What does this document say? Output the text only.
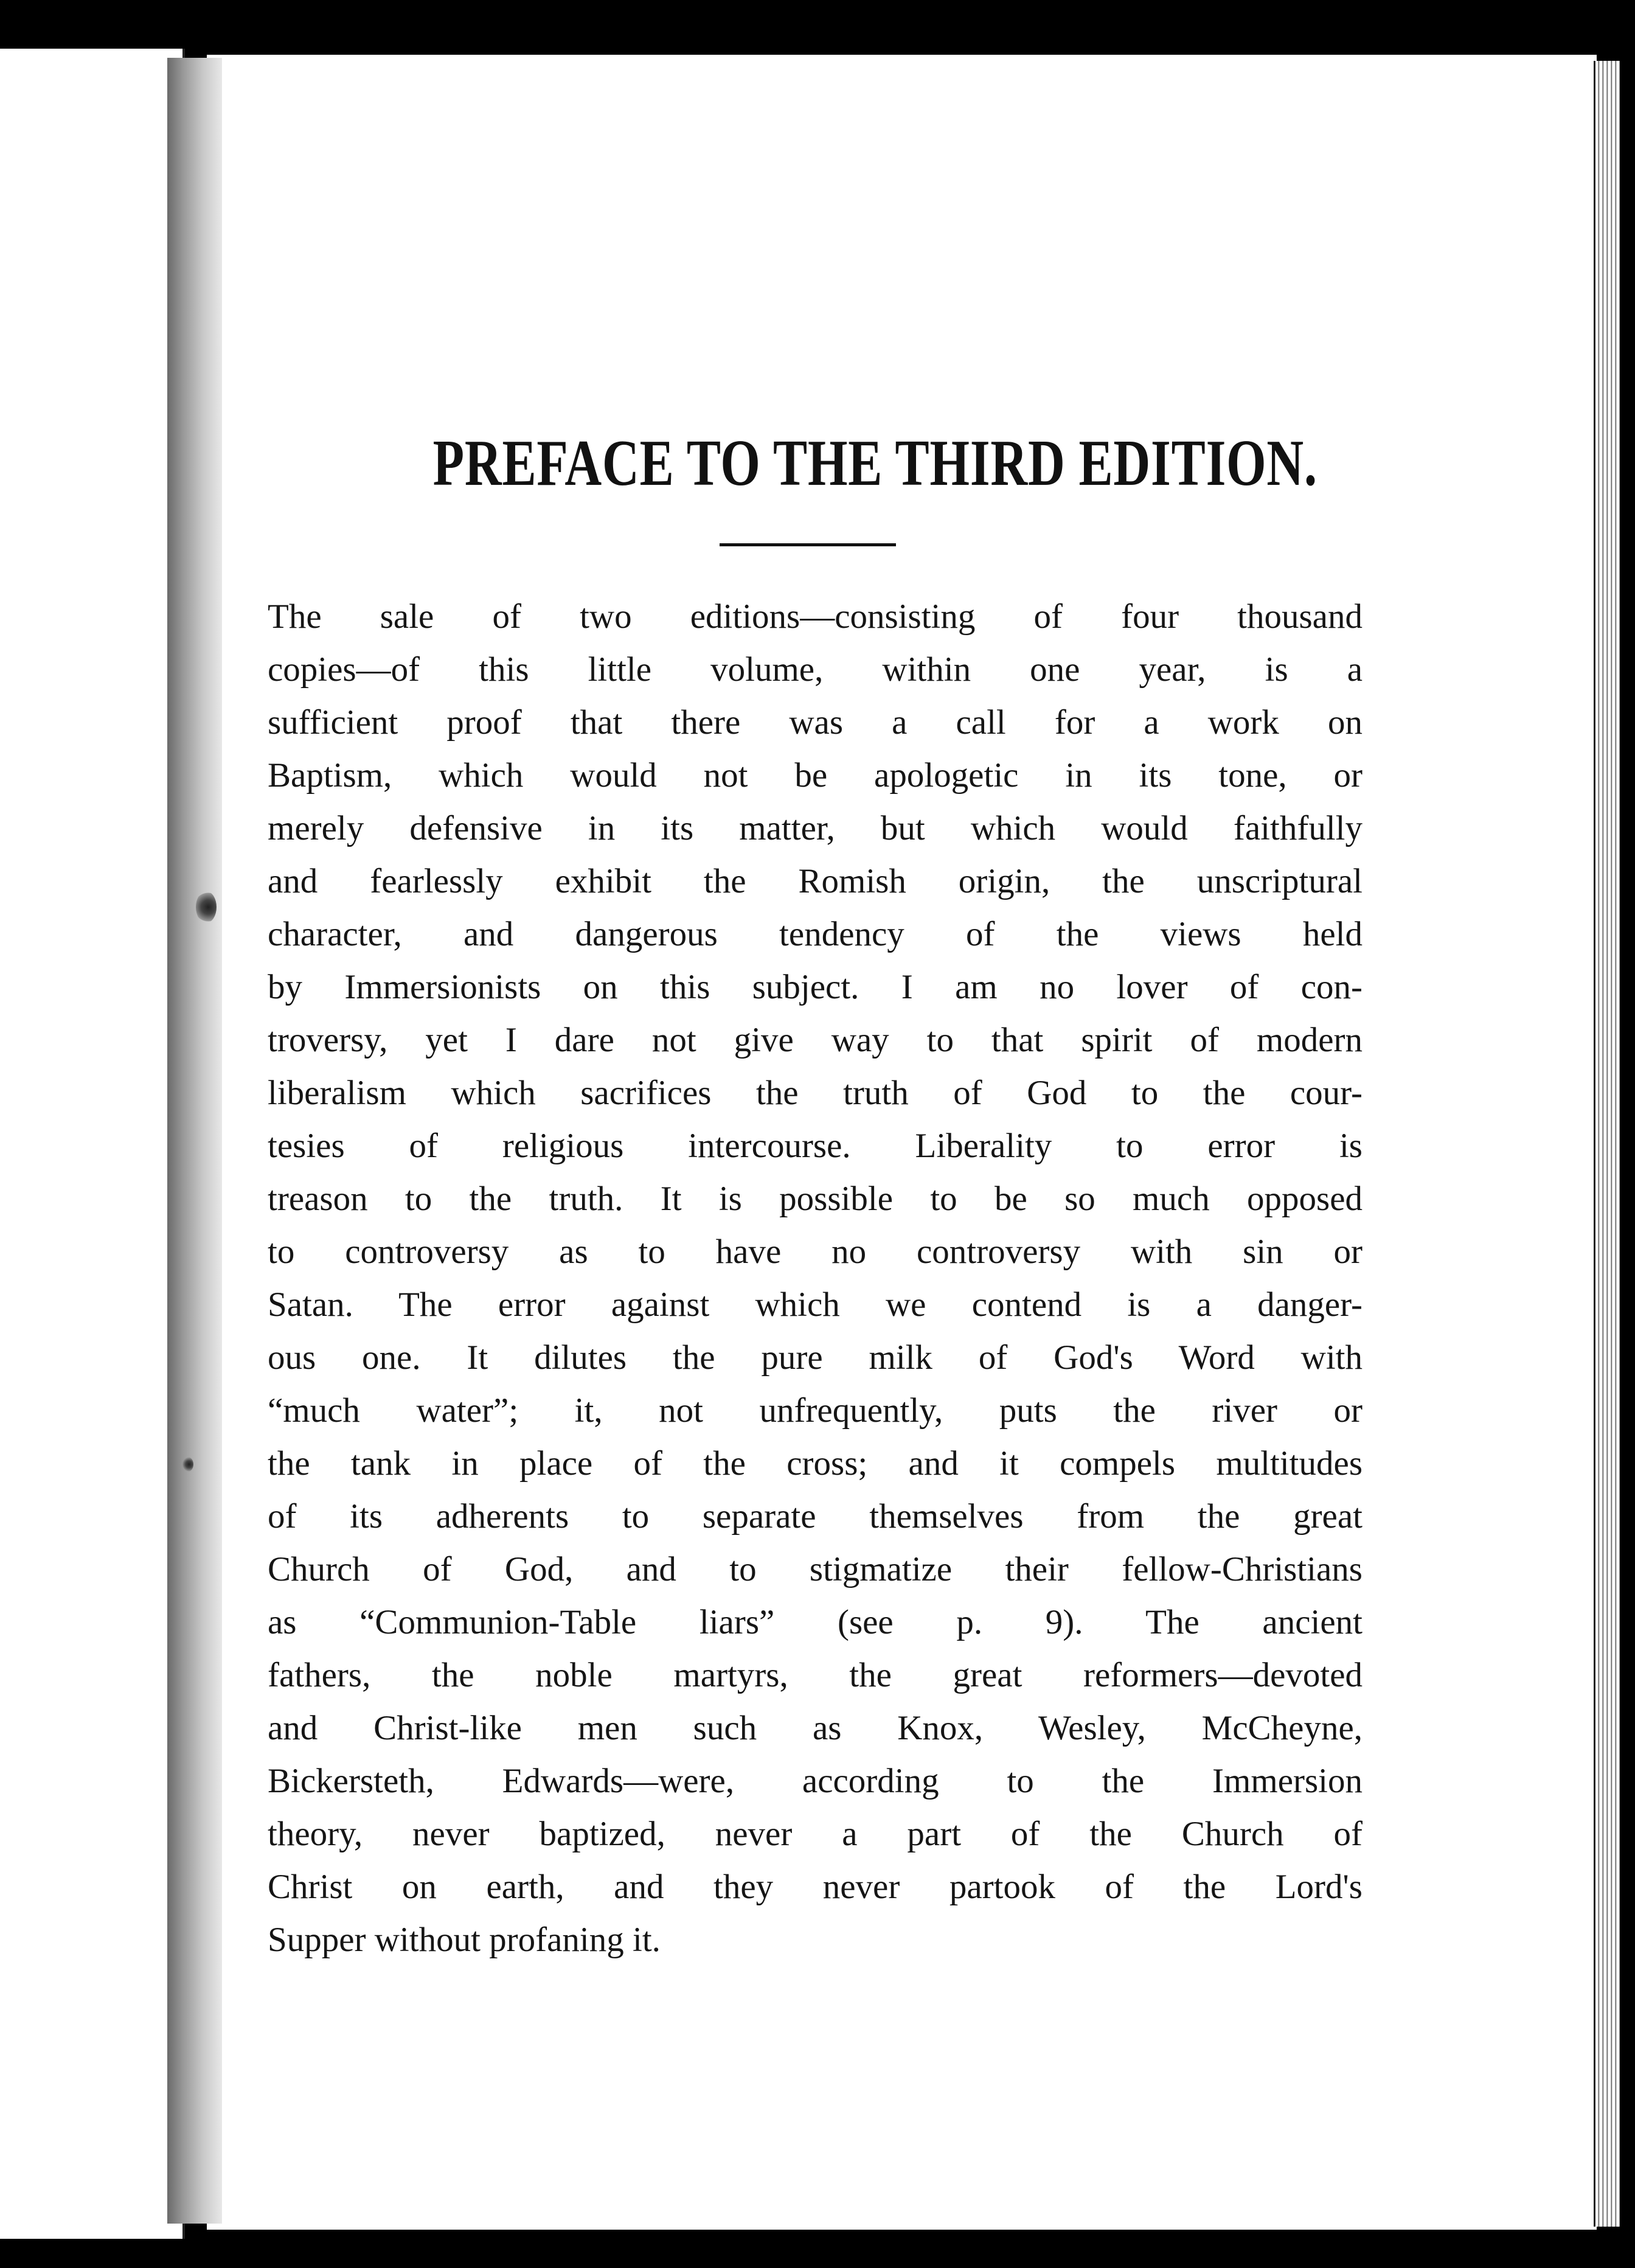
PREFACE TO THE THIRD EDITION.
The sale of two editions—consisting of four thousand
copies—of this little volume, within one year, is a
sufficient proof that there was a call for a work on
Baptism, which would not be apologetic in its tone, or
merely defensive in its matter, but which would faithfully
and fearlessly exhibit the Romish origin, the unscriptural
character, and dangerous tendency of the views held
by Immersionists on this subject. I am no lover of con-
troversy, yet I dare not give way to that spirit of modern
liberalism which sacrifices the truth of God to the cour-
tesies of religious intercourse. Liberality to error is
treason to the truth. It is possible to be so much opposed
to controversy as to have no controversy with sin or
Satan. The error against which we contend is a danger-
ous one. It dilutes the pure milk of God's Word with
“much water”; it, not unfrequently, puts the river or
the tank in place of the cross; and it compels multitudes
of its adherents to separate themselves from the great
Church of God, and to stigmatize their fellow-Christians
as “Communion-Table liars” (see p. 9). The ancient
fathers, the noble martyrs, the great reformers—devoted
and Christ-like men such as Knox, Wesley, McCheyne,
Bickersteth, Edwards—were, according to the Immersion
theory, never baptized, never a part of the Church of
Christ on earth, and they never partook of the Lord's
Supper without profaning it.
